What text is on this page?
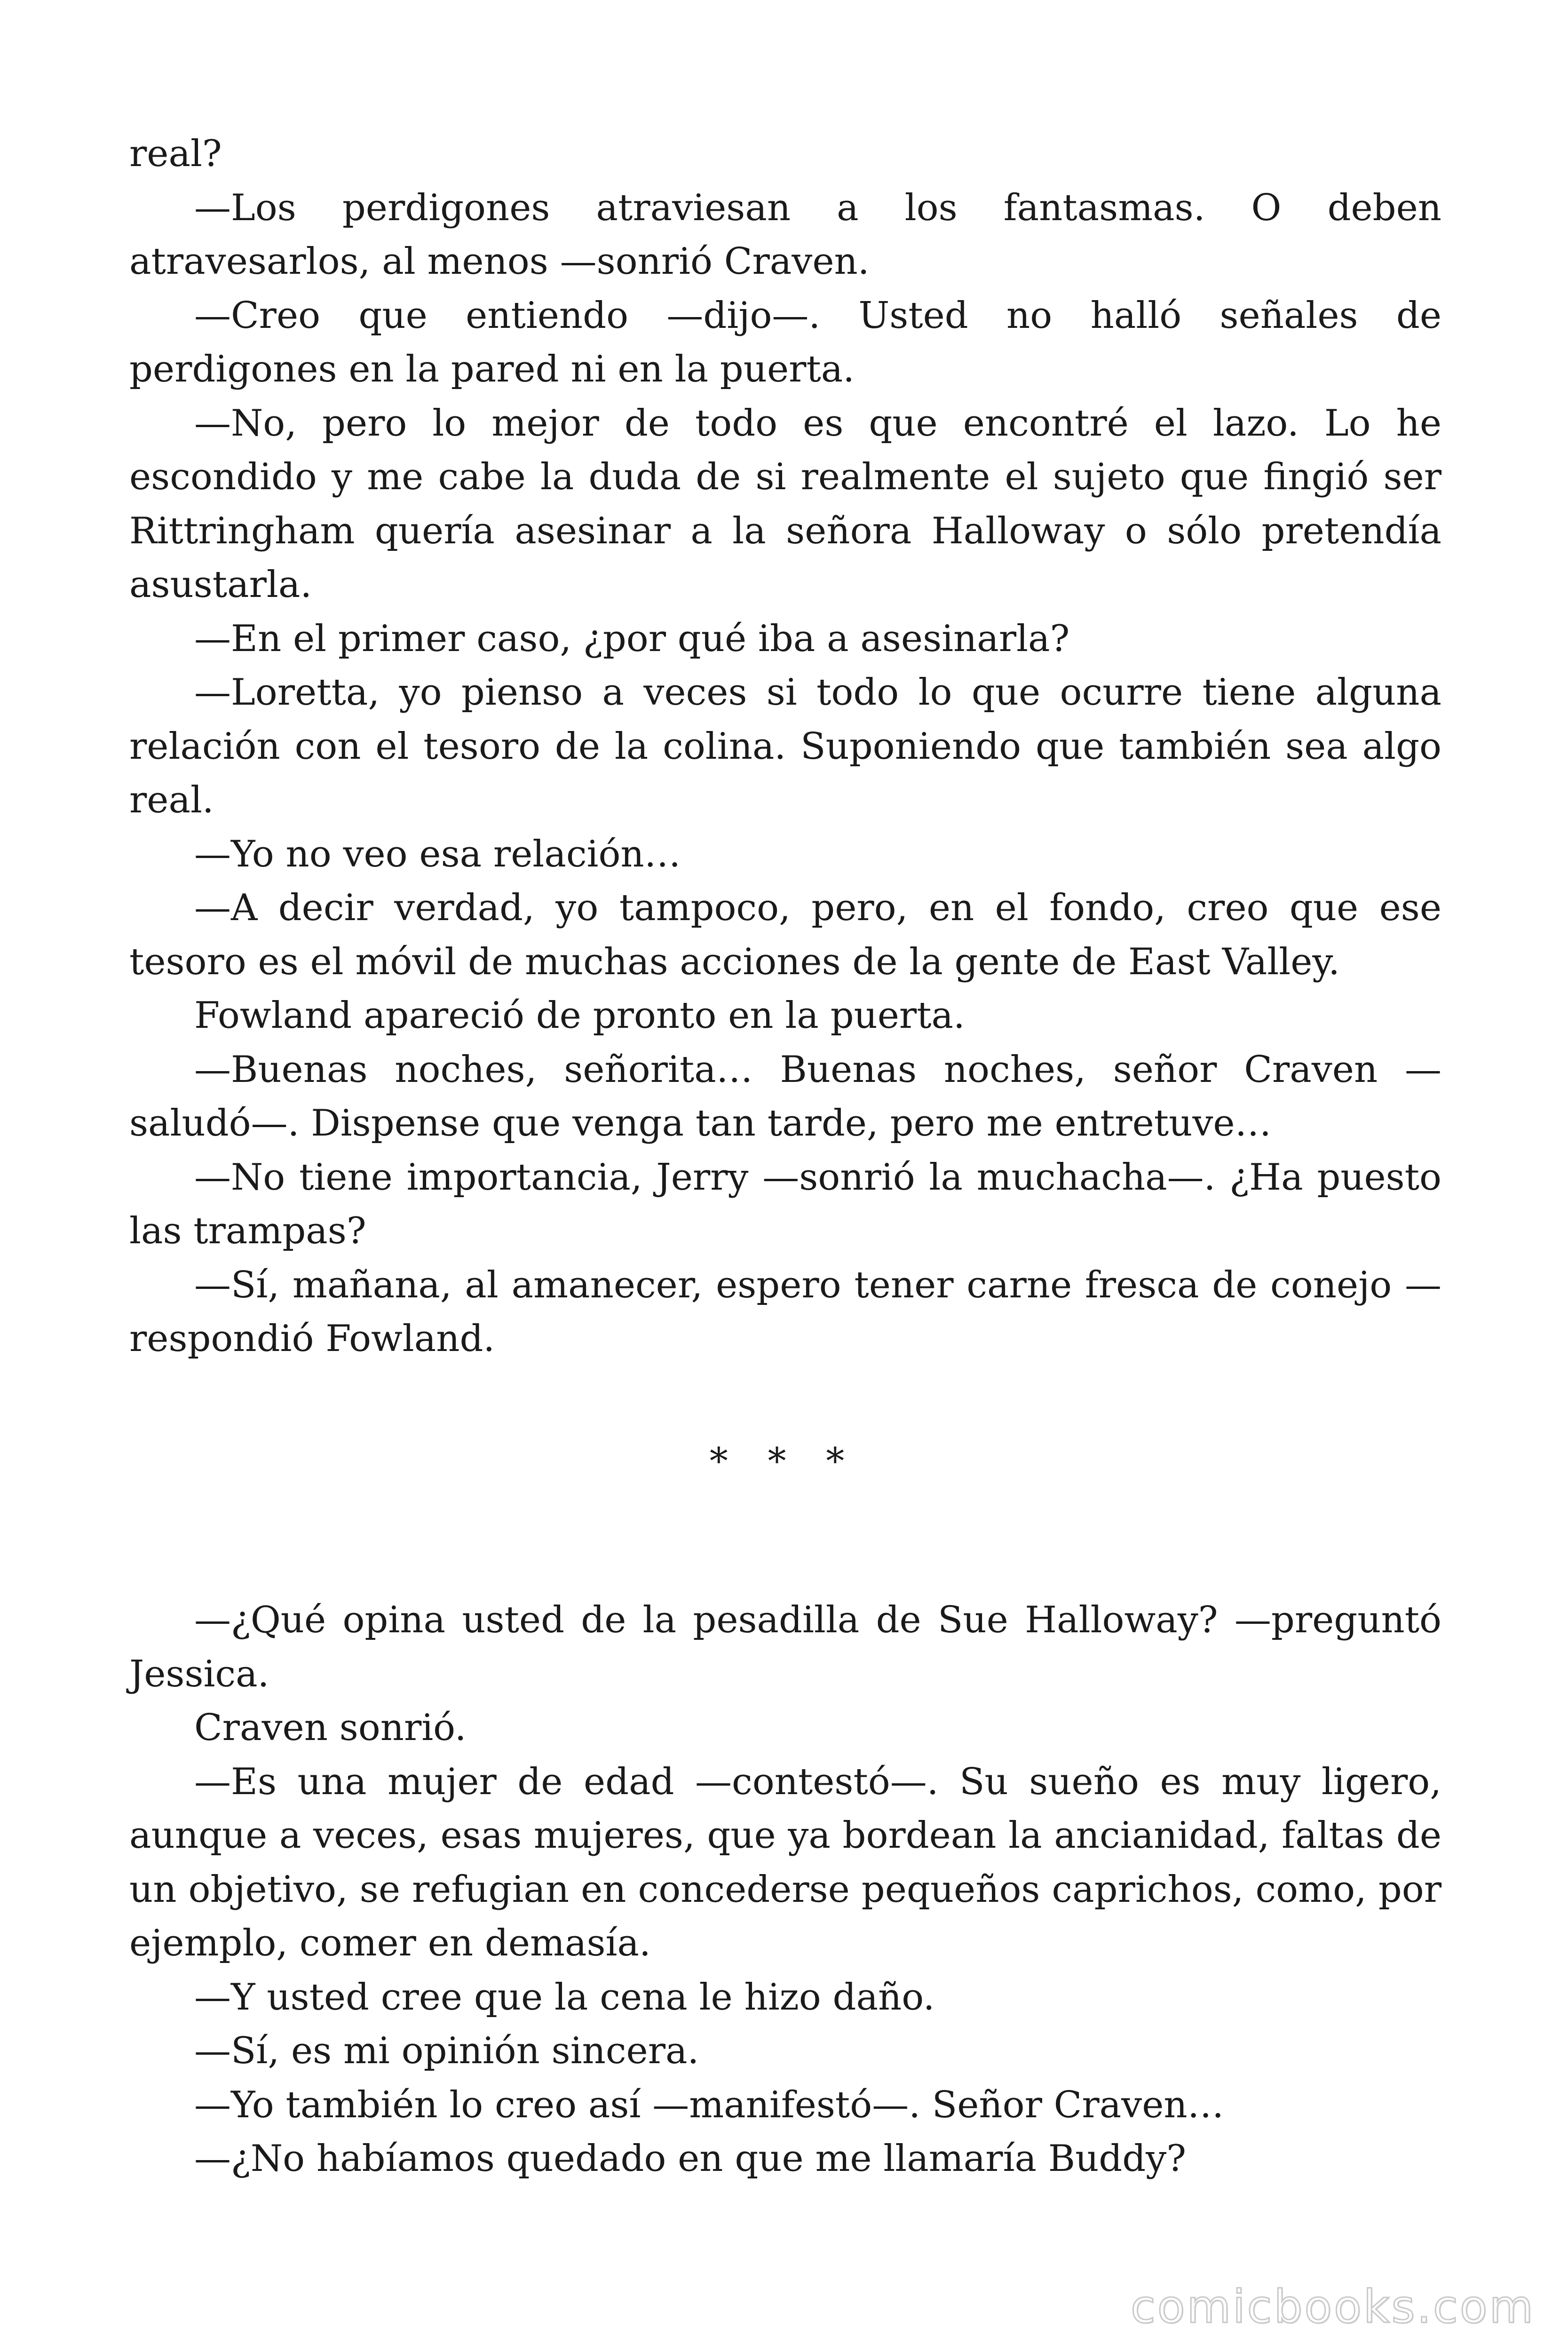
real?

—Los perdigones atraviesan a los fantasmas. O deben atravesarlos, al menos —sonrió Craven.

—Creo que entiendo —dijo—. Usted no halló señales de perdigones en la pared ni en la puerta.

—No, pero lo mejor de todo es que encontré el lazo. Lo he escondido y me cabe la duda de si realmente el sujeto que fingió ser Rittringham quería asesinar a la señora Halloway o sólo pretendía asustarla.

—En el primer caso, ¿por qué iba a asesinarla?

—Loretta, yo pienso a veces si todo lo que ocurre tiene alguna relación con el tesoro de la colina. Suponiendo que también sea algo real.

—Yo no veo esa relación…

—A decir verdad, yo tampoco, pero, en el fondo, creo que ese tesoro es el móvil de muchas acciones de la gente de East Valley.

Fowland apareció de pronto en la puerta.

—Buenas noches, señorita… Buenas noches, señor Craven —saludó—. Dispense que venga tan tarde, pero me entretuve…

—No tiene importancia, Jerry —sonrió la muchacha—. ¿Ha puesto las trampas?

—Sí, mañana, al amanecer, espero tener carne fresca de conejo —respondió Fowland.

* * *

—¿Qué opina usted de la pesadilla de Sue Halloway? —preguntó Jessica.

Craven sonrió.

—Es una mujer de edad —contestó—. Su sueño es muy ligero, aunque a veces, esas mujeres, que ya bordean la ancianidad, faltas de un objetivo, se refugian en concederse pequeños caprichos, como, por ejemplo, comer en demasía.

—Y usted cree que la cena le hizo daño.

—Sí, es mi opinión sincera.

—Yo también lo creo así —manifestó—. Señor Craven…

—¿No habíamos quedado en que me llamaría Buddy?

comicbooks.com
